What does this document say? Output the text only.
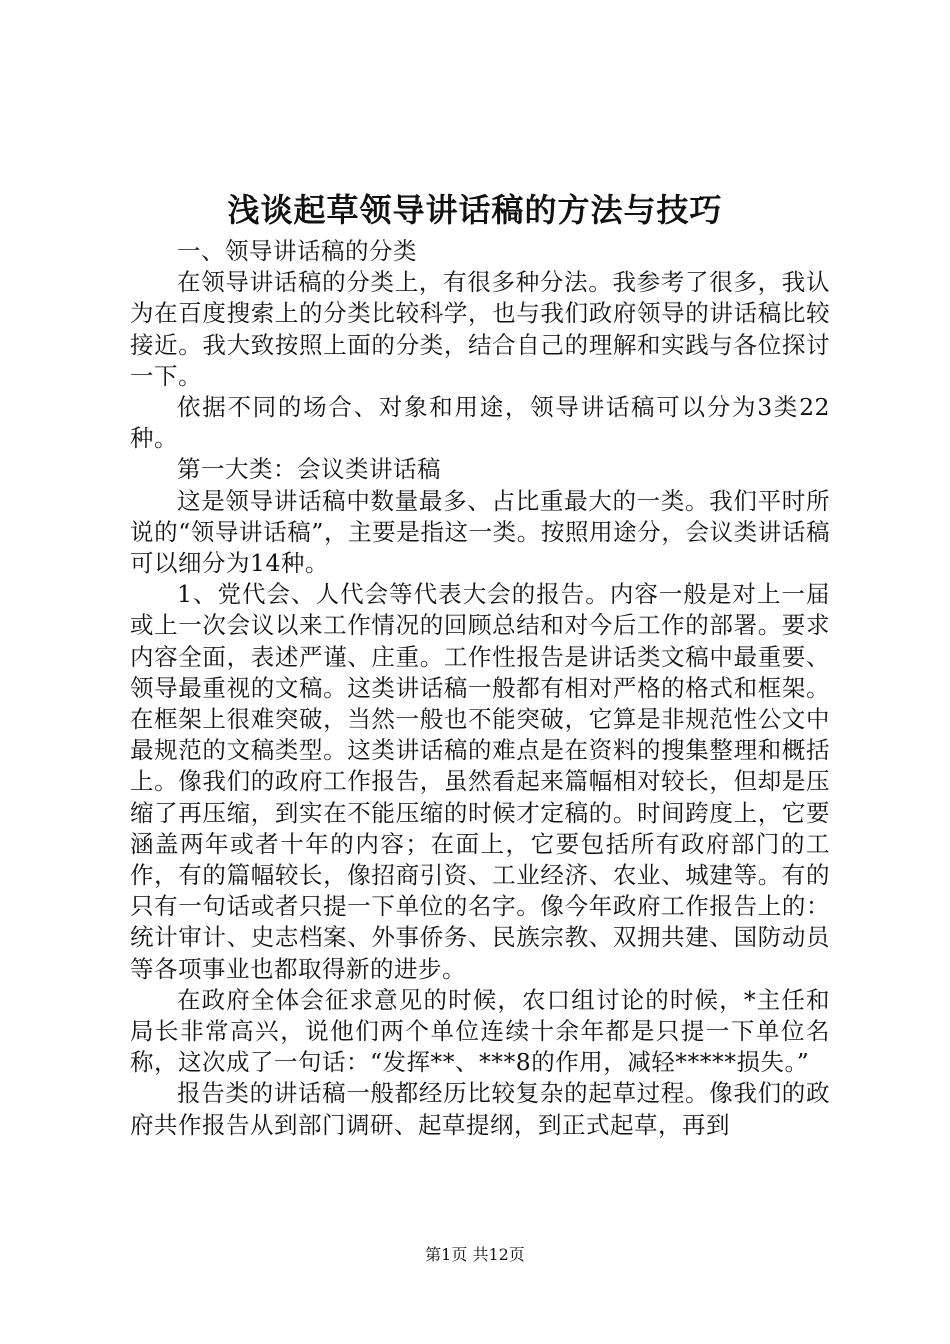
浅谈起草领导讲话稿的方法与技巧

一、领导讲话稿的分类

在领导讲话稿的分类上，有很多种分法。我参考了很多，我认为在百度搜索上的分类比较科学，也与我们政府领导的讲话稿比较接近。我大致按照上面的分类，结合自己的理解和实践与各位探讨一下。

依据不同的场合、对象和用途，领导讲话稿可以分为3类22种。

第一大类：会议类讲话稿

这是领导讲话稿中数量最多、占比重最大的一类。我们平时所说的“领导讲话稿”，主要是指这一类。按照用途分，会议类讲话稿可以细分为14种。

1、党代会、人代会等代表大会的报告。内容一般是对上一届或上一次会议以来工作情况的回顾总结和对今后工作的部署。要求内容全面，表述严谨、庄重。工作性报告是讲话类文稿中最重要、领导最重视的文稿。这类讲话稿一般都有相对严格的格式和框架。在框架上很难突破，当然一般也不能突破，它算是非规范性公文中最规范的文稿类型。这类讲话稿的难点是在资料的搜集整理和概括上。像我们的政府工作报告，虽然看起来篇幅相对较长，但却是压缩了再压缩，到实在不能压缩的时候才定稿的。时间跨度上，它要涵盖两年或者十年的内容；在面上，它要包括所有政府部门的工作，有的篇幅较长，像招商引资、工业经济、农业、城建等。有的只有一句话或者只提一下单位的名字。像今年政府工作报告上的：统计审计、史志档案、外事侨务、民族宗教、双拥共建、国防动员等各项事业也都取得新的进步。

在政府全体会征求意见的时候，农口组讨论的时候，*主任和局长非常高兴，说他们两个单位连续十余年都是只提一下单位名称，这次成了一句话：“发挥**、***8的作用，减轻*****损失。”

报告类的讲话稿一般都经历比较复杂的起草过程。像我们的政府共作报告从到部门调研、起草提纲，到正式起草，再到

第1页 共12页
